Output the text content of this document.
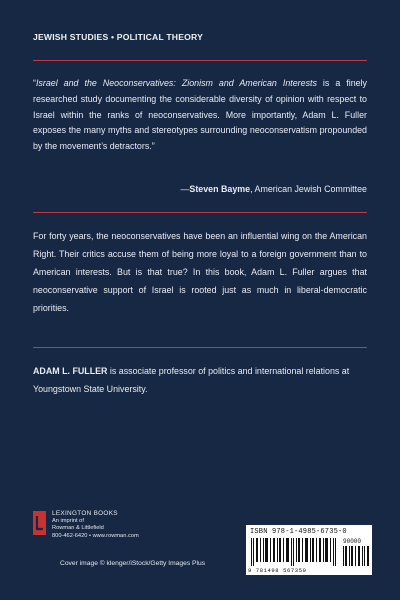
JEWISH STUDIES • POLITICAL THEORY
“Israel and the Neoconservatives: Zionism and American Interests is a finely researched study documenting the considerable diversity of opinion with respect to Israel within the ranks of neoconservatives. More importantly, Adam L. Fuller exposes the many myths and stereotypes surrounding neoconservatism propounded by the movement’s detractors.”
—Steven Bayme, American Jewish Committee
For forty years, the neoconservatives have been an influential wing on the American Right. Their critics accuse them of being more loyal to a foreign government than to American interests. But is that true? In this book, Adam L. Fuller argues that neoconservative support of Israel is rooted just as much in liberal-democratic priorities.
ADAM L. FULLER is associate professor of politics and international relations at Youngstown State University.
LEXINGTON BOOKS
An imprint of
Rowman & Littlefield
800-462-6420 • www.rowman.com
Cover image © klenger/iStock/Getty Images Plus
ISBN 978-1-4985-6735-0
90000
9 781498 567350
